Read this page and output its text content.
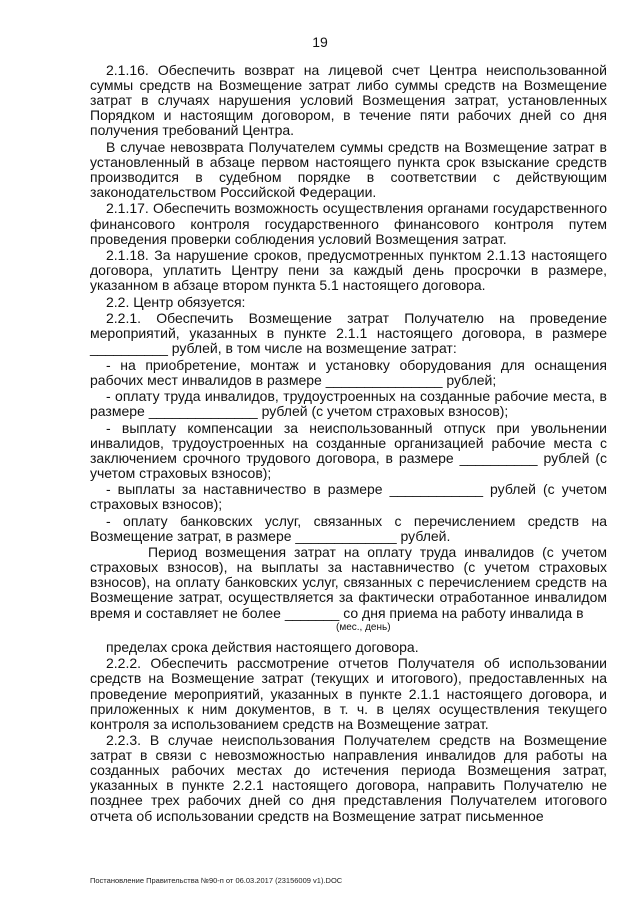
19

2.1.16. Обеспечить возврат на лицевой счет Центра неиспользованной суммы средств на Возмещение затрат либо суммы средств на Возмещение затрат в случаях нарушения условий Возмещения затрат, установленных Порядком и настоящим договором, в течение пяти рабочих дней со дня получения требований Центра.

В случае невозврата Получателем суммы средств на Возмещение затрат в установленный в абзаце первом настоящего пункта срок взыскание средств производится в судебном порядке в соответствии с действующим законодательством Российской Федерации.

2.1.17. Обеспечить возможность осуществления органами государственного финансового контроля государственного финансового контроля путем проведения проверки соблюдения условий Возмещения затрат.

2.1.18. За нарушение сроков, предусмотренных пунктом 2.1.13 настоящего договора, уплатить Центру пени за каждый день просрочки в размере, указанном в абзаце втором пункта 5.1 настоящего договора.

2.2. Центр обязуется:

2.2.1. Обеспечить Возмещение затрат Получателю на проведение мероприятий, указанных в пункте 2.1.1 настоящего договора, в размере __________ рублей, в том числе на возмещение затрат:

- на приобретение, монтаж и установку оборудования для оснащения рабочих мест инвалидов в размере _______________ рублей;

- оплату труда инвалидов, трудоустроенных на созданные рабочие места, в размере ______________ рублей (с учетом страховых взносов);

- выплату компенсации за неиспользованный отпуск при увольнении инвалидов, трудоустроенных на созданные организацией рабочие места с заключением срочного трудового договора, в размере __________ рублей (с учетом страховых взносов);

- выплаты за наставничество в размере ____________ рублей (с учетом страховых взносов);

- оплату банковских услуг, связанных с перечислением средств на Возмещение затрат, в размере _____________ рублей.

Период возмещения затрат на оплату труда инвалидов (с учетом страховых взносов), на выплаты за наставничество (с учетом страховых взносов), на оплату банковских услуг, связанных с перечислением средств на Возмещение затрат, осуществляется за фактически отработанное инвалидом время и составляет не более _______ со дня приема на работу инвалида в

(мес., день)

пределах срока действия настоящего договора.

2.2.2. Обеспечить рассмотрение отчетов Получателя об использовании средств на Возмещение затрат (текущих и итогового), предоставленных на проведение мероприятий, указанных в пункте 2.1.1 настоящего договора, и приложенных к ним документов, в т. ч. в целях осуществления текущего контроля за использованием средств на Возмещение затрат.

2.2.3. В случае неиспользования Получателем средств на Возмещение затрат в связи с невозможностью направления инвалидов для работы на созданных рабочих местах до истечения периода Возмещения затрат, указанных в пункте 2.2.1 настоящего договора, направить Получателю не позднее трех рабочих дней со дня представления Получателем итогового отчета об использовании средств на Возмещение затрат письменное

Постановление Правительства №90-п от 06.03.2017 (23156009 v1).DOC
